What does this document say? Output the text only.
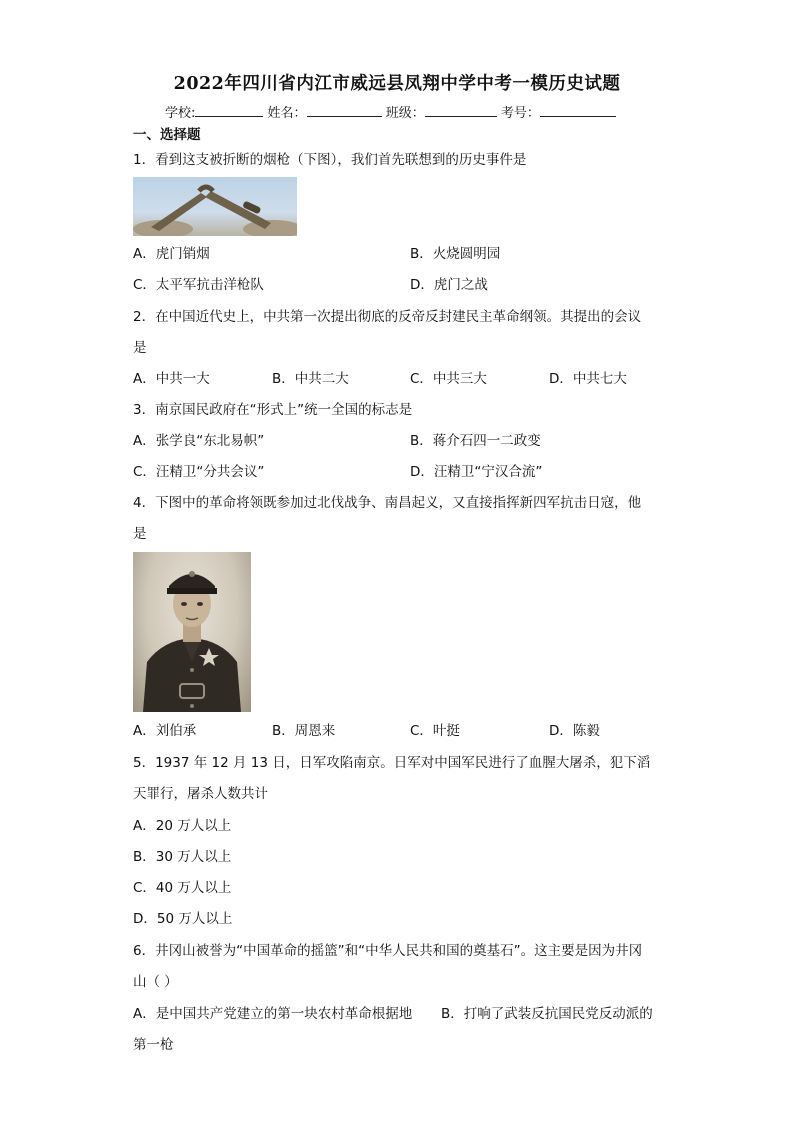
2022年四川省内江市威远县凤翔中学中考一模历史试题
学校:	姓名：	班级：	考号：
一、选择题
1．看到这支被折断的烟枪（下图），我们首先联想到的历史事件是
A．虎门销烟	B．火烧圆明园
C．太平军抗击洋枪队	D．虎门之战
2．在中国近代史上，中共第一次提出彻底的反帝反封建民主革命纲领。其提出的会议
是
A．中共一大	B．中共二大	C．中共三大	D．中共七大
3．南京国民政府在“形式上”统一全国的标志是
A．张学良“东北易帜”	B．蒋介石四一二政变
C．汪精卫“分共会议”	D．汪精卫“宁汉合流”
4．下图中的革命将领既参加过北伐战争、南昌起义，又直接指挥新四军抗击日寇，他
是
A．刘伯承	B．周恩来	C．叶挺	D．陈毅
5．1937 年 12 月 13 日，日军攻陷南京。日军对中国军民进行了血腥大屠杀，犯下滔
天罪行，屠杀人数共计
A．20 万人以上
B．30 万人以上
C．40 万人以上
D．50 万人以上
6．井冈山被誉为“中国革命的摇篮”和“中华人民共和国的奠基石”。这主要是因为井冈
山（ ）
A．是中国共产党建立的第一块农村革命根据地 B．打响了武装反抗国民党反动派的
第一枪
